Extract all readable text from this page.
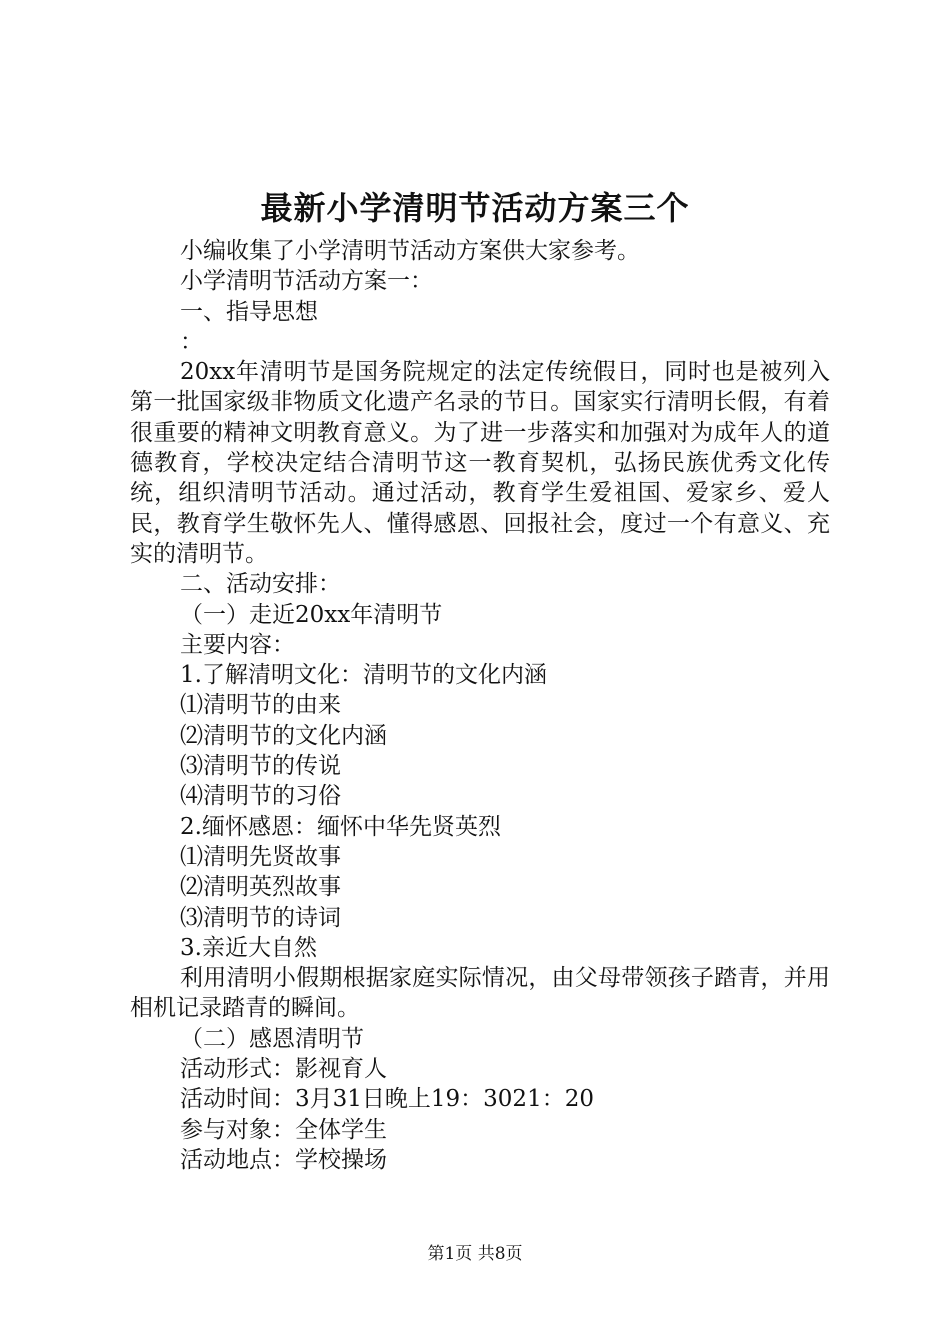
最新小学清明节活动方案三个

小编收集了小学清明节活动方案供大家参考。

小学清明节活动方案一：

一、指导思想

：

20xx年清明节是国务院规定的法定传统假日，同时也是被列入第一批国家级非物质文化遗产名录的节日。国家实行清明长假，有着很重要的精神文明教育意义。为了进一步落实和加强对为成年人的道德教育，学校决定结合清明节这一教育契机，弘扬民族优秀文化传统，组织清明节活动。通过活动，教育学生爱祖国、爱家乡、爱人民，教育学生敬怀先人、懂得感恩、回报社会，度过一个有意义、充实的清明节。

二、活动安排：

（一）走近20xx年清明节

主要内容：

1.了解清明文化：清明节的文化内涵

⑴清明节的由来

⑵清明节的文化内涵

⑶清明节的传说

⑷清明节的习俗

2.缅怀感恩：缅怀中华先贤英烈

⑴清明先贤故事

⑵清明英烈故事

⑶清明节的诗词

3.亲近大自然

利用清明小假期根据家庭实际情况，由父母带领孩子踏青，并用相机记录踏青的瞬间。

（二）感恩清明节

活动形式：影视育人

活动时间：3月31日晚上19：3021：20

参与对象：全体学生

活动地点：学校操场

第1页 共8页
